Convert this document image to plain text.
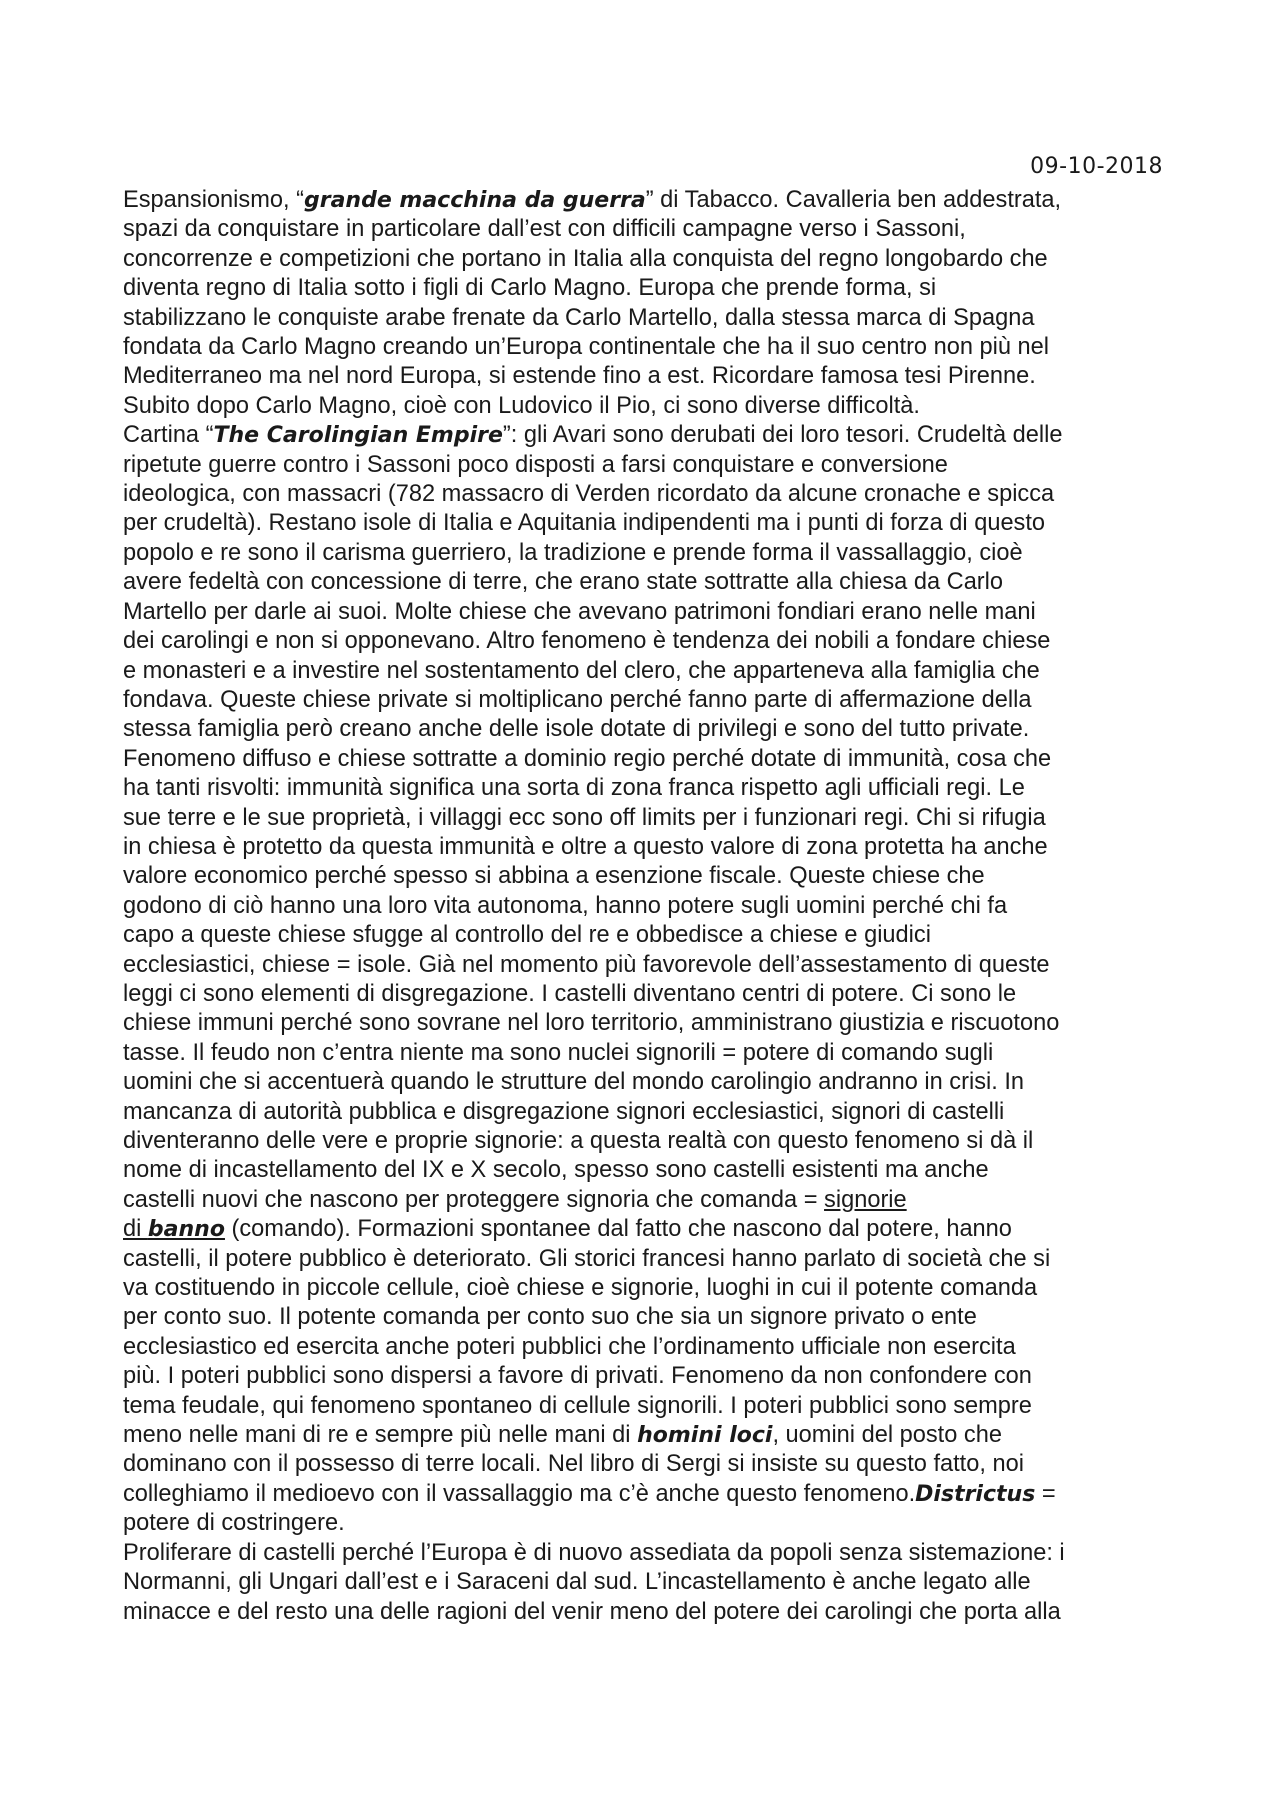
09-10-2018
Espansionismo, “grande macchina da guerra” di Tabacco. Cavalleria ben addestrata,
spazi da conquistare in particolare dall’est con difficili campagne verso i Sassoni,
concorrenze e competizioni che portano in Italia alla conquista del regno longobardo che
diventa regno di Italia sotto i figli di Carlo Magno. Europa che prende forma, si
stabilizzano le conquiste arabe frenate da Carlo Martello, dalla stessa marca di Spagna
fondata da Carlo Magno creando un’Europa continentale che ha il suo centro non più nel
Mediterraneo ma nel nord Europa, si estende fino a est. Ricordare famosa tesi Pirenne.
Subito dopo Carlo Magno, cioè con Ludovico il Pio, ci sono diverse difficoltà.
Cartina “The Carolingian Empire”: gli Avari sono derubati dei loro tesori. Crudeltà delle
ripetute guerre contro i Sassoni poco disposti a farsi conquistare e conversione
ideologica, con massacri (782 massacro di Verden ricordato da alcune cronache e spicca
per crudeltà). Restano isole di Italia e Aquitania indipendenti ma i punti di forza di questo
popolo e re sono il carisma guerriero, la tradizione e prende forma il vassallaggio, cioè
avere fedeltà con concessione di terre, che erano state sottratte alla chiesa da Carlo
Martello per darle ai suoi. Molte chiese che avevano patrimoni fondiari erano nelle mani
dei carolingi e non si opponevano. Altro fenomeno è tendenza dei nobili a fondare chiese
e monasteri e a investire nel sostentamento del clero, che apparteneva alla famiglia che
fondava. Queste chiese private si moltiplicano perché fanno parte di affermazione della
stessa famiglia però creano anche delle isole dotate di privilegi e sono del tutto private.
Fenomeno diffuso e chiese sottratte a dominio regio perché dotate di immunità, cosa che
ha tanti risvolti: immunità significa una sorta di zona franca rispetto agli ufficiali regi. Le
sue terre e le sue proprietà, i villaggi ecc sono off limits per i funzionari regi. Chi si rifugia
in chiesa è protetto da questa immunità e oltre a questo valore di zona protetta ha anche
valore economico perché spesso si abbina a esenzione fiscale. Queste chiese che
godono di ciò hanno una loro vita autonoma, hanno potere sugli uomini perché chi fa
capo a queste chiese sfugge al controllo del re e obbedisce a chiese e giudici
ecclesiastici, chiese = isole. Già nel momento più favorevole dell’assestamento di queste
leggi ci sono elementi di disgregazione. I castelli diventano centri di potere. Ci sono le
chiese immuni perché sono sovrane nel loro territorio, amministrano giustizia e riscuotono
tasse. Il feudo non c’entra niente ma sono nuclei signorili = potere di comando sugli
uomini che si accentuerà quando le strutture del mondo carolingio andranno in crisi. In
mancanza di autorità pubblica e disgregazione signori ecclesiastici, signori di castelli
diventeranno delle vere e proprie signorie: a questa realtà con questo fenomeno si dà il
nome di incastellamento del IX e X secolo, spesso sono castelli esistenti ma anche
castelli nuovi che nascono per proteggere signoria che comanda = signorie
di banno (comando). Formazioni spontanee dal fatto che nascono dal potere, hanno
castelli, il potere pubblico è deteriorato. Gli storici francesi hanno parlato di società che si
va costituendo in piccole cellule, cioè chiese e signorie, luoghi in cui il potente comanda
per conto suo. Il potente comanda per conto suo che sia un signore privato o ente
ecclesiastico ed esercita anche poteri pubblici che l’ordinamento ufficiale non esercita
più. I poteri pubblici sono dispersi a favore di privati. Fenomeno da non confondere con
tema feudale, qui fenomeno spontaneo di cellule signorili. I poteri pubblici sono sempre
meno nelle mani di re e sempre più nelle mani di homini loci, uomini del posto che
dominano con il possesso di terre locali. Nel libro di Sergi si insiste su questo fatto, noi
colleghiamo il medioevo con il vassallaggio ma c’è anche questo fenomeno.Districtus =
potere di costringere.
Proliferare di castelli perché l’Europa è di nuovo assediata da popoli senza sistemazione: i
Normanni, gli Ungari dall’est e i Saraceni dal sud. L’incastellamento è anche legato alle
minacce e del resto una delle ragioni del venir meno del potere dei carolingi che porta alla
